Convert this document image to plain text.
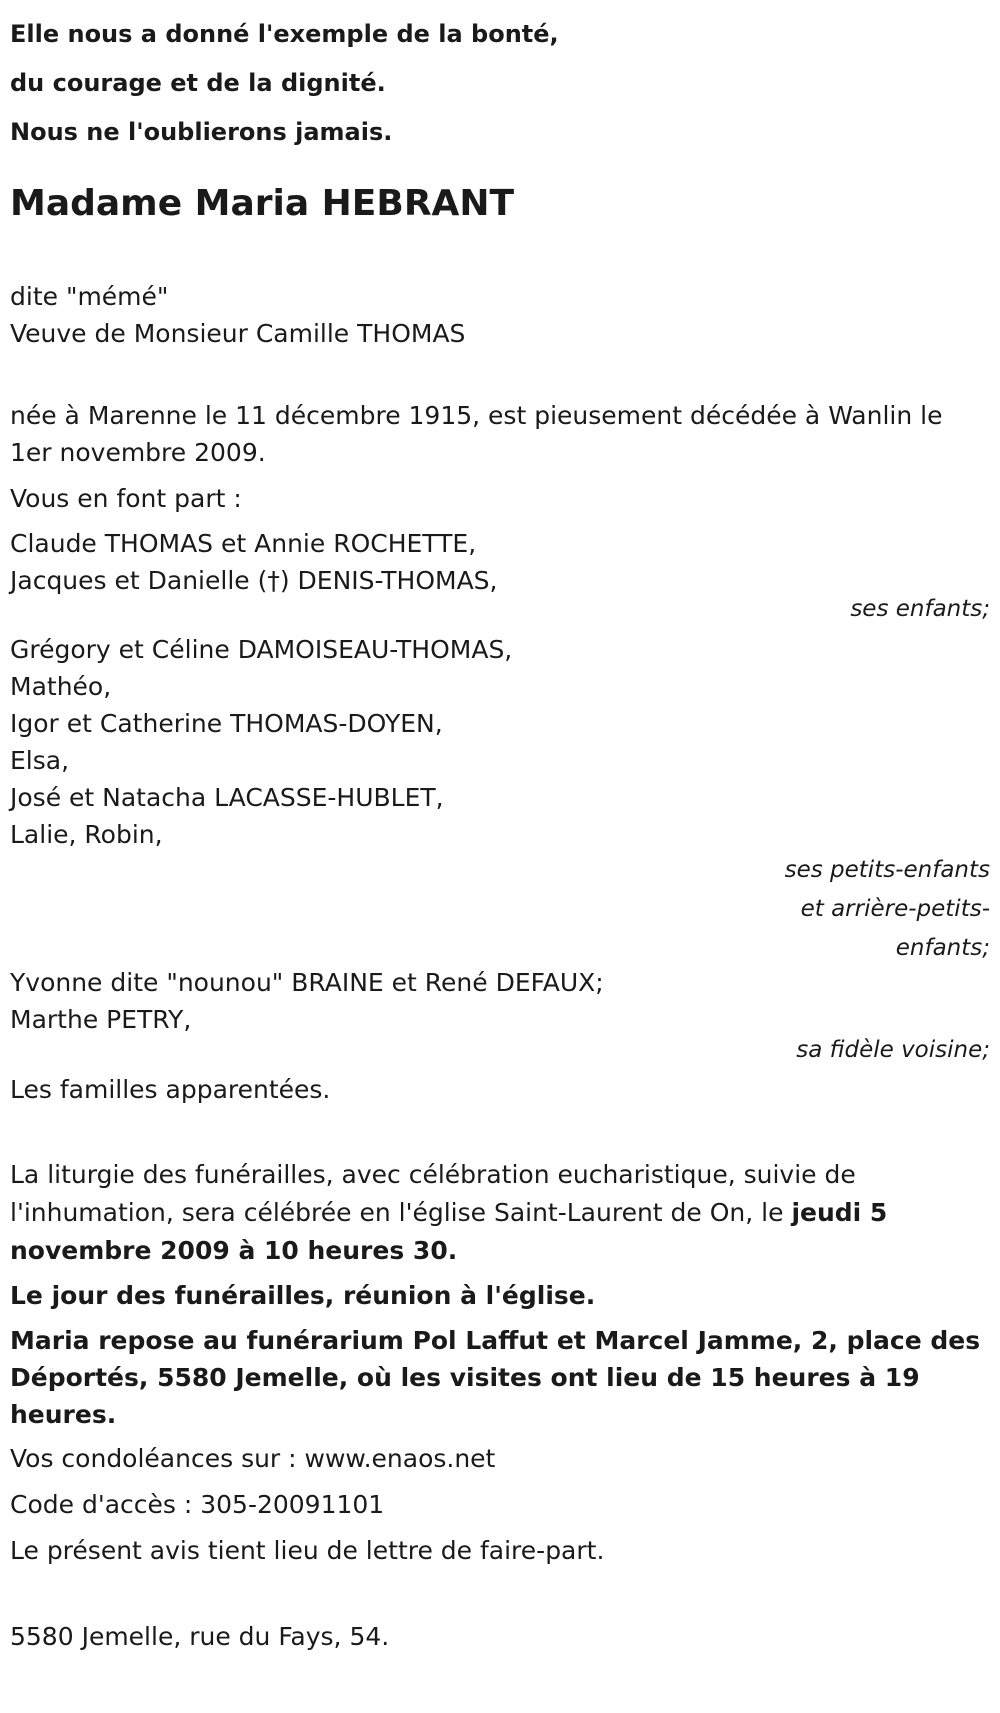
Elle nous a donné l'exemple de la bonté,
du courage et de la dignité.
Nous ne l'oublierons jamais.
Madame Maria HEBRANT
dite "mémé"
Veuve de Monsieur Camille THOMAS
née à Marenne le 11 décembre 1915, est pieusement décédée à Wanlin le 1er novembre 2009.
Vous en font part :
Claude THOMAS et Annie ROCHETTE,
Jacques et Danielle (†) DENIS-THOMAS,
ses enfants;
Grégory et Céline DAMOISEAU-THOMAS,
Mathéo,
Igor et Catherine THOMAS-DOYEN,
Elsa,
José et Natacha LACASSE-HUBLET,
Lalie, Robin,
ses petits-enfants
et arrière-petits-
enfants;
Yvonne dite "nounou" BRAINE et René DEFAUX;
Marthe PETRY,
sa fidèle voisine;
Les familles apparentées.
La liturgie des funérailles, avec célébration eucharistique, suivie de l'inhumation, sera célébrée en l'église Saint-Laurent de On, le jeudi 5 novembre 2009 à 10 heures 30.
Le jour des funérailles, réunion à l'église.
Maria repose au funérarium Pol Laffut et Marcel Jamme, 2, place des Déportés, 5580 Jemelle, où les visites ont lieu de 15 heures à 19 heures.
Vos condoléances sur : www.enaos.net
Code d'accès : 305-20091101
Le présent avis tient lieu de lettre de faire-part.
5580 Jemelle, rue du Fays, 54.
